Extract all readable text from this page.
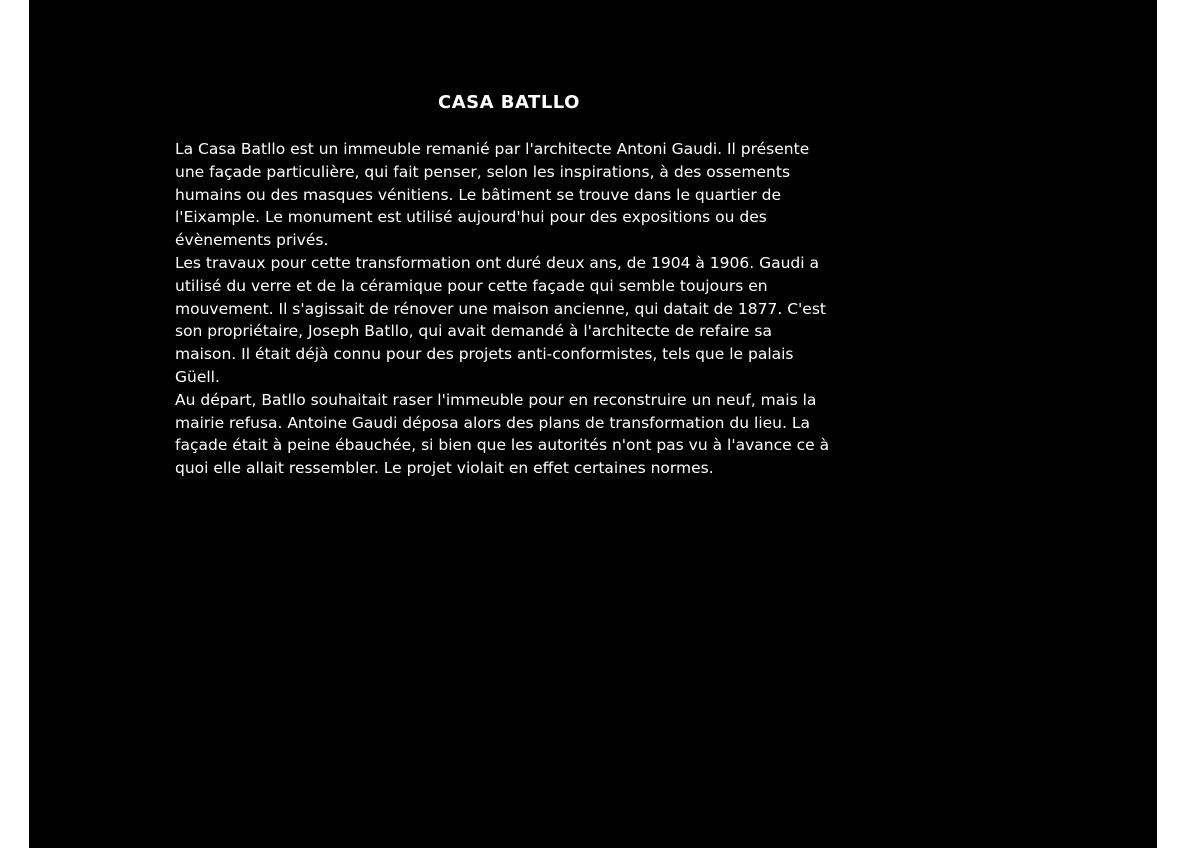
CASA BATLLO
La Casa Batllo est un immeuble remanié par l'architecte Antoni Gaudi. Il présente
une façade particulière, qui fait penser, selon les inspirations, à des ossements
humains ou des masques vénitiens. Le bâtiment se trouve dans le quartier de
l'Eixample. Le monument est utilisé aujourd'hui pour des expositions ou des
évènements privés.
Les travaux pour cette transformation ont duré deux ans, de 1904 à 1906. Gaudi a
utilisé du verre et de la céramique pour cette façade qui semble toujours en
mouvement. Il s'agissait de rénover une maison ancienne, qui datait de 1877. C'est
son propriétaire, Joseph Batllo, qui avait demandé à l'architecte de refaire sa
maison. Il était déjà connu pour des projets anti-conformistes, tels que le palais
Güell.
Au départ, Batllo souhaitait raser l'immeuble pour en reconstruire un neuf, mais la
mairie refusa. Antoine Gaudi déposa alors des plans de transformation du lieu. La
façade était à peine ébauchée, si bien que les autorités n'ont pas vu à l'avance ce à
quoi elle allait ressembler. Le projet violait en effet certaines normes.
